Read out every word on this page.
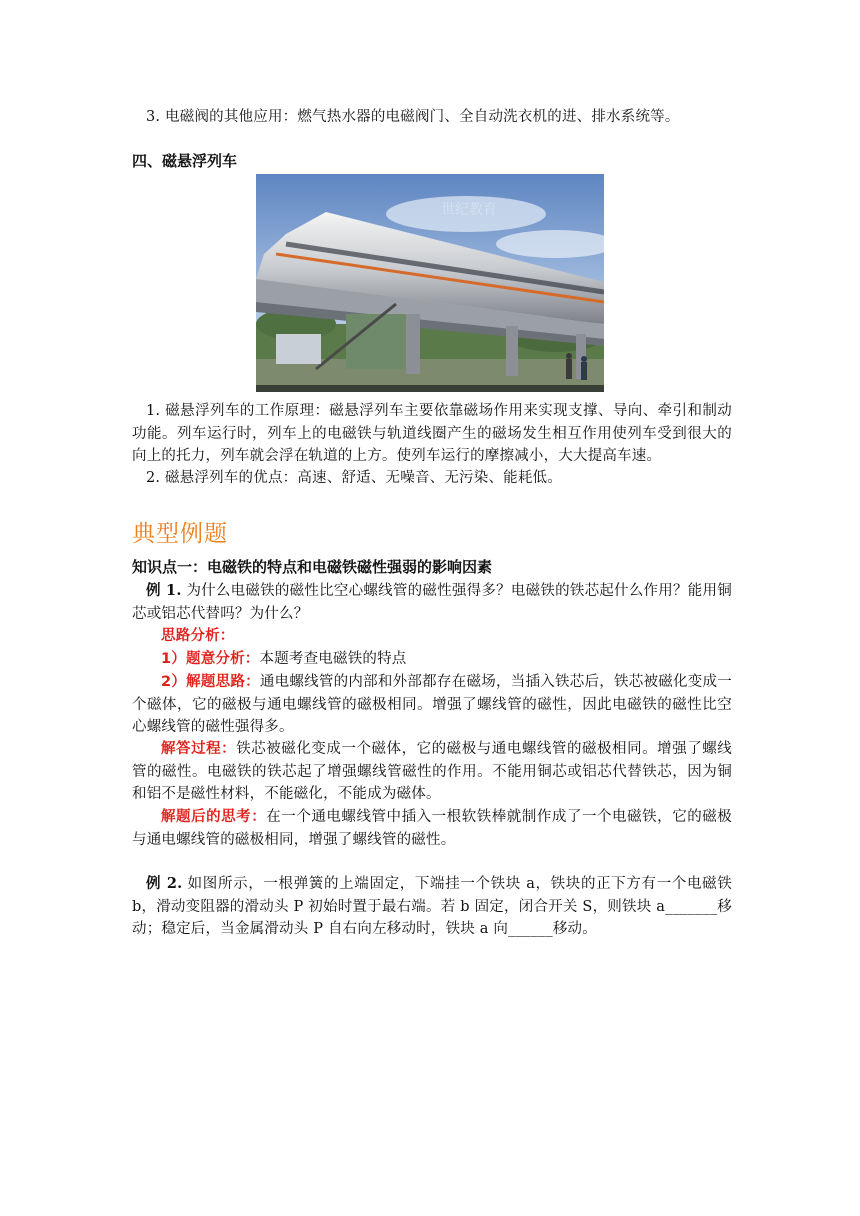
3. 电磁阀的其他应用：燃气热水器的电磁阀门、全自动洗衣机的进、排水系统等。
四、磁悬浮列车
世纪教育
1. 磁悬浮列车的工作原理：磁悬浮列车主要依靠磁场作用来实现支撑、导向、牵引和制动功能。列车运行时，列车上的电磁铁与轨道线圈产生的磁场发生相互作用使列车受到很大的向上的托力，列车就会浮在轨道的上方。使列车运行的摩擦减小，大大提高车速。
2. 磁悬浮列车的优点：高速、舒适、无噪音、无污染、能耗低。
典型例题
知识点一：电磁铁的特点和电磁铁磁性强弱的影响因素
例 1. 为什么电磁铁的磁性比空心螺线管的磁性强得多？电磁铁的铁芯起什么作用？能用铜芯或铝芯代替吗？为什么？
思路分析：
1）题意分析：本题考查电磁铁的特点
2）解题思路：通电螺线管的内部和外部都存在磁场，当插入铁芯后，铁芯被磁化变成一个磁体，它的磁极与通电螺线管的磁极相同。增强了螺线管的磁性，因此电磁铁的磁性比空心螺线管的磁性强得多。
解答过程：铁芯被磁化变成一个磁体，它的磁极与通电螺线管的磁极相同。增强了螺线管的磁性。电磁铁的铁芯起了增强螺线管磁性的作用。不能用铜芯或铝芯代替铁芯，因为铜和铝不是磁性材料，不能磁化，不能成为磁体。
解题后的思考：在一个通电螺线管中插入一根软铁棒就制作成了一个电磁铁，它的磁极与通电螺线管的磁极相同，增强了螺线管的磁性。
例 2. 如图所示，一根弹簧的上端固定，下端挂一个铁块 a，铁块的正下方有一个电磁铁 b，滑动变阻器的滑动头 P 初始时置于最右端。若 b 固定，闭合开关 S，则铁块 a_______移动；稳定后，当金属滑动头 P 自右向左移动时，铁块 a 向______移动。
